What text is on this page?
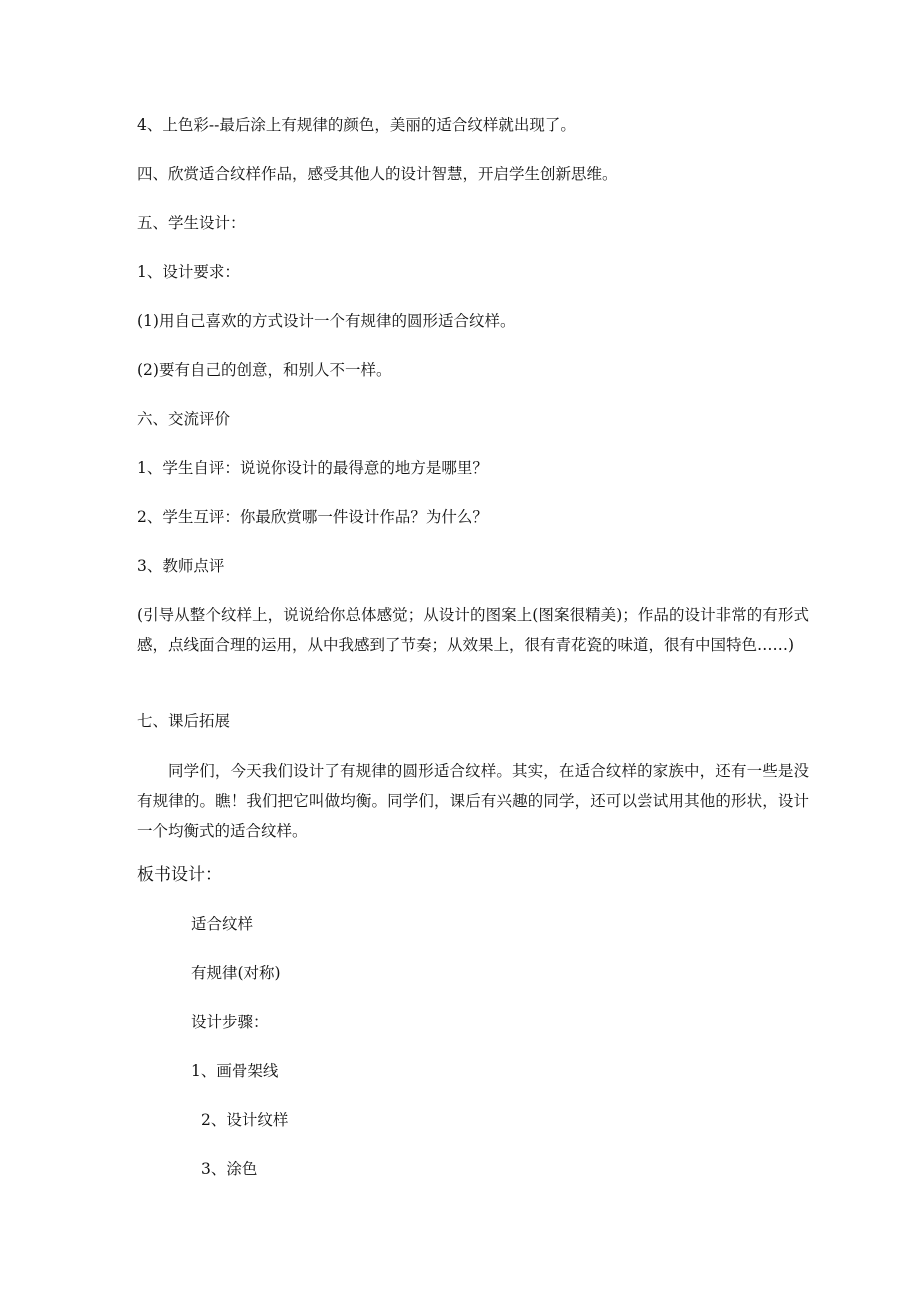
4、上色彩--最后涂上有规律的颜色，美丽的适合纹样就出现了。

四、欣赏适合纹样作品，感受其他人的设计智慧，开启学生创新思维。

五、学生设计：

1、设计要求：

(1)用自己喜欢的方式设计一个有规律的圆形适合纹样。

(2)要有自己的创意，和别人不一样。

六、交流评价

1、学生自评：说说你设计的最得意的地方是哪里？

2、学生互评：你最欣赏哪一件设计作品？为什么？

3、教师点评

(引导从整个纹样上，说说给你总体感觉；从设计的图案上(图案很精美)；作品的设计非常的有形式感，点线面合理的运用，从中我感到了节奏；从效果上，很有青花瓷的味道，很有中国特色……)

七、课后拓展

同学们，今天我们设计了有规律的圆形适合纹样。其实，在适合纹样的家族中，还有一些是没有规律的。瞧！我们把它叫做均衡。同学们，课后有兴趣的同学，还可以尝试用其他的形状，设计一个均衡式的适合纹样。

板书设计：

适合纹样

有规律(对称)

设计步骤：

1、画骨架线

2、设计纹样

3、涂色
